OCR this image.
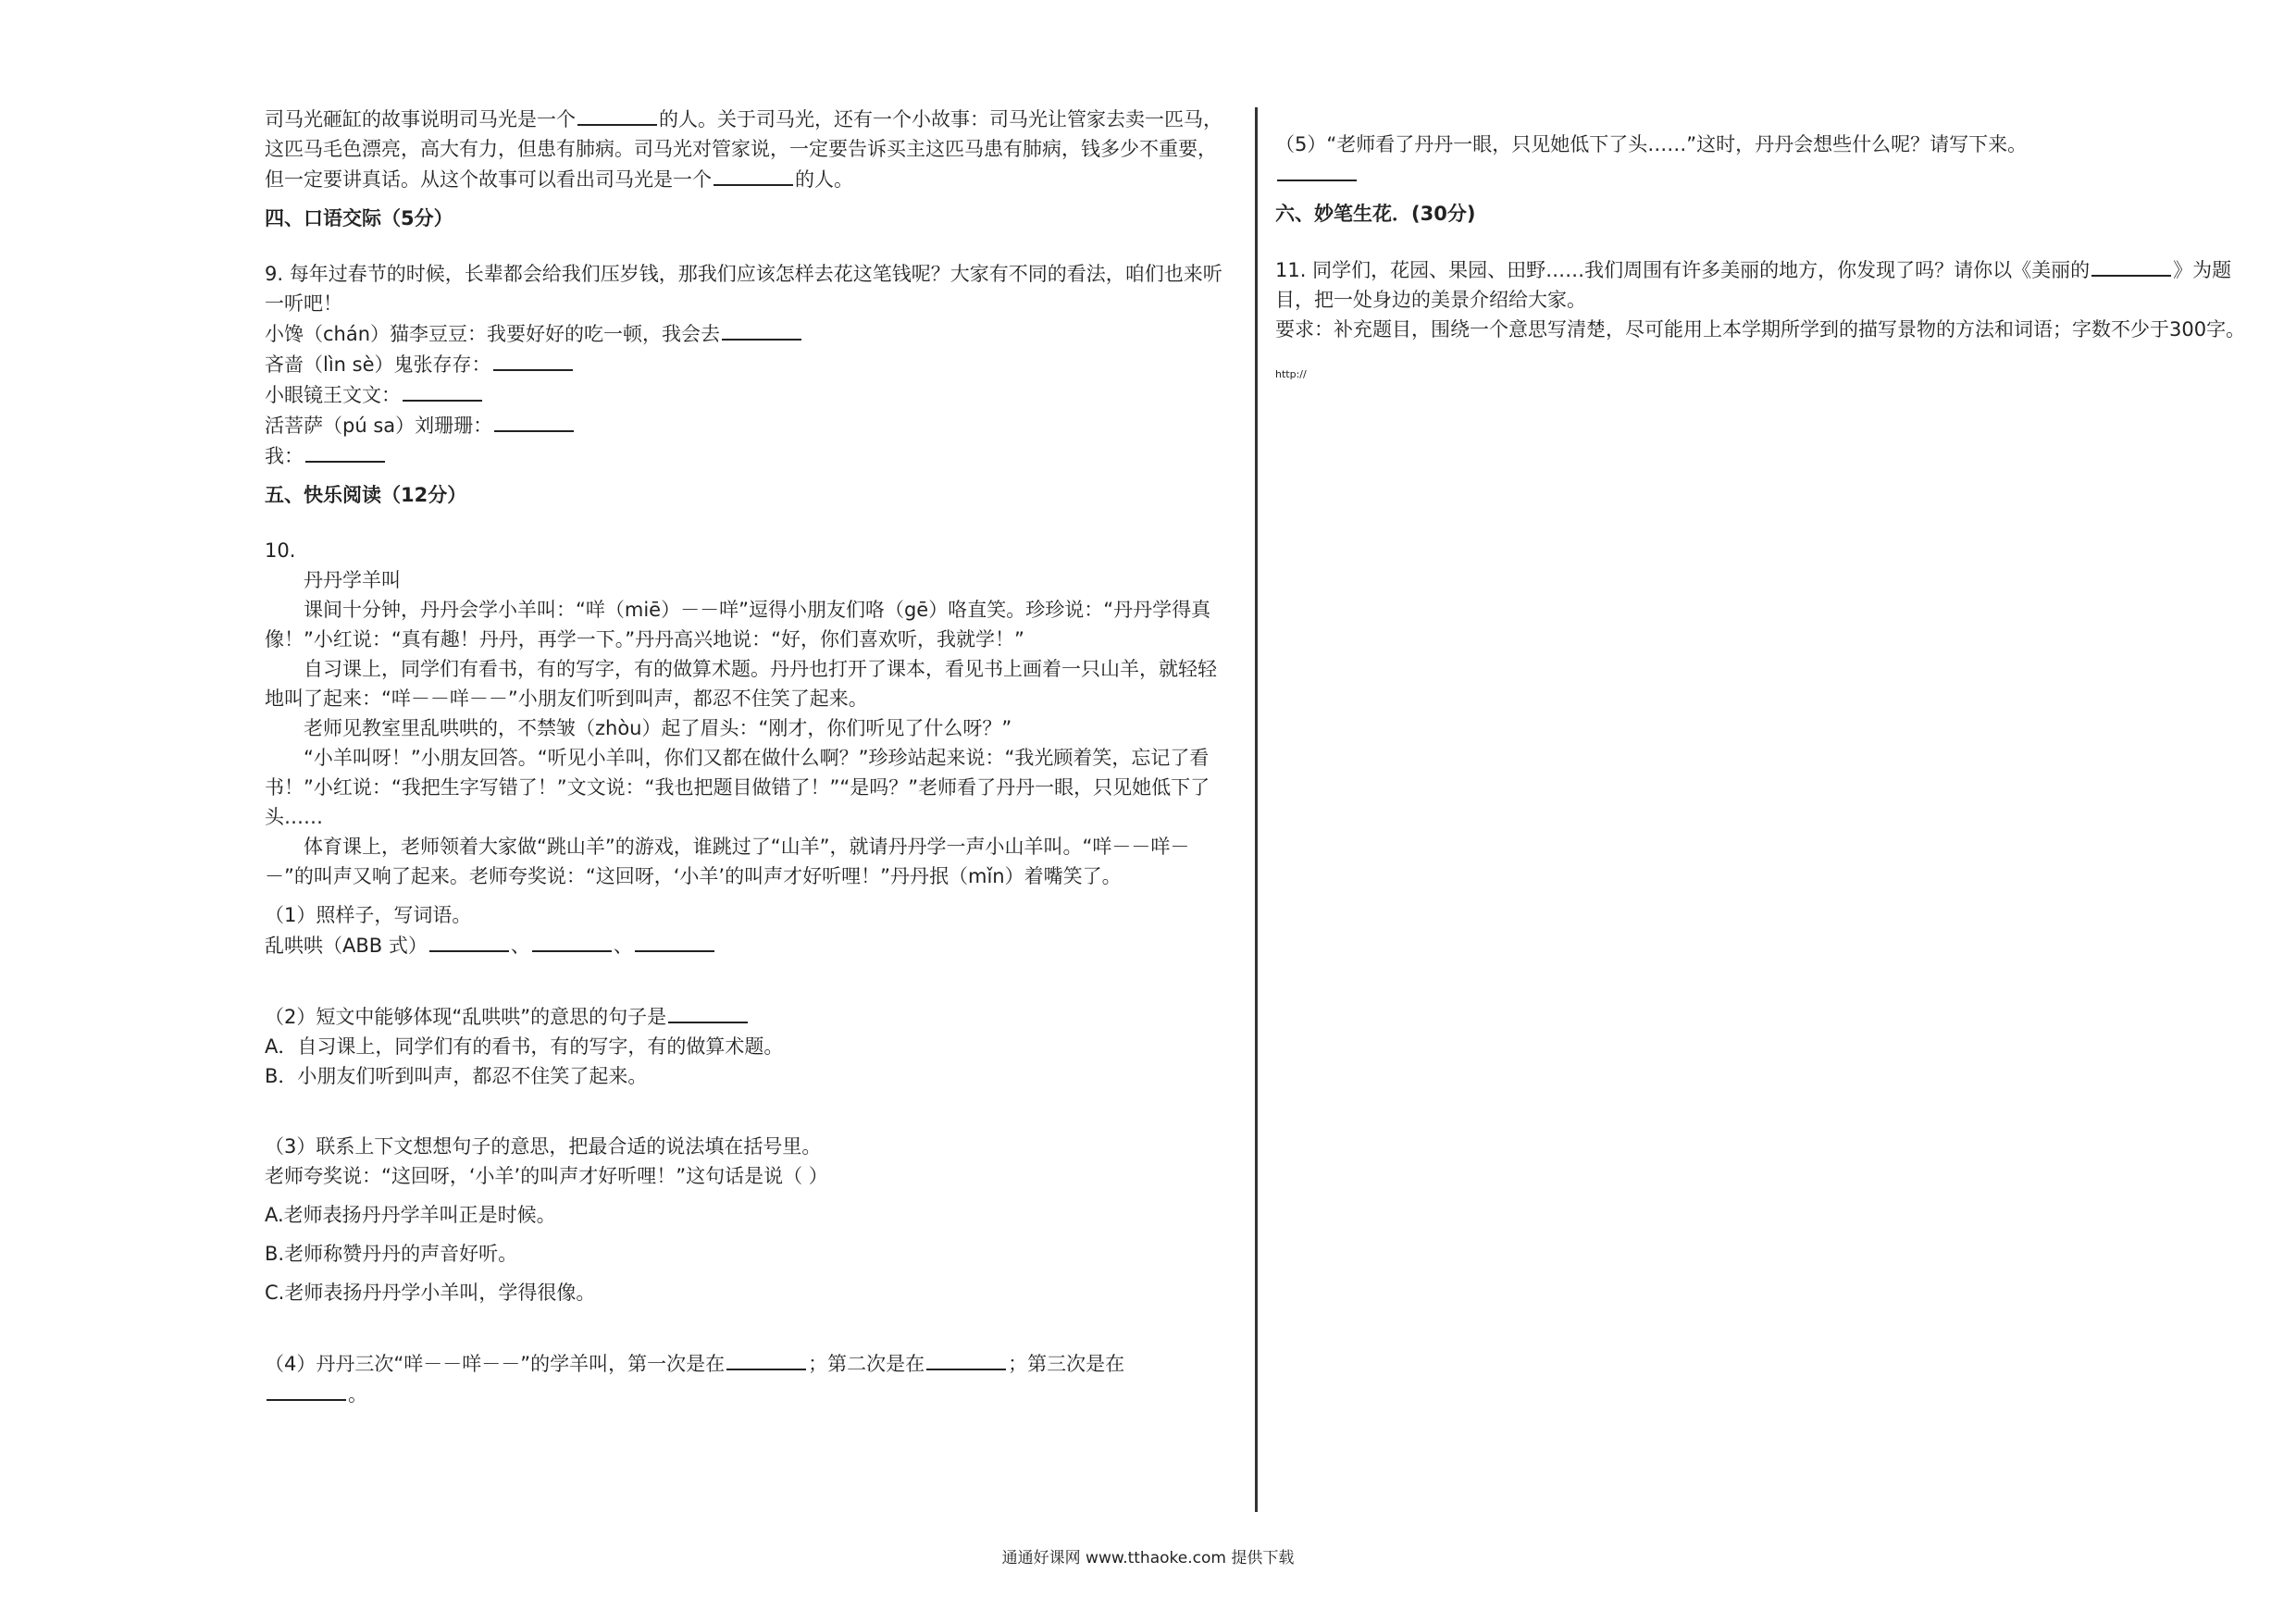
司马光砸缸的故事说明司马光是一个	的人。关于司马光，还有一个小故事：司马光让管家去卖一匹马，这匹马毛色漂亮，高大有力，但患有肺病。司马光对管家说，一定要告诉买主这匹马患有肺病，钱多少不重要，但一定要讲真话。从这个故事可以看出司马光是一个	的人。

四、口语交际（5分）

9. 每年过春节的时候，长辈都会给我们压岁钱，那我们应该怎样去花这笔钱呢？大家有不同的看法，咱们也来听一听吧！

小馋（chán）猫李豆豆：我要好好的吃一顿，我会去

吝啬（lìn sè）鬼张存存：

小眼镜王文文：

活菩萨（pú sa）刘珊珊：

我：

五、快乐阅读（12分）

10.

丹丹学羊叫

课间十分钟，丹丹会学小羊叫：“咩（miē）－－咩”逗得小朋友们咯（gē）咯直笑。珍珍说：“丹丹学得真像！”小红说：“真有趣！丹丹，再学一下。”丹丹高兴地说：“好，你们喜欢听，我就学！”

自习课上，同学们有看书，有的写字，有的做算术题。丹丹也打开了课本，看见书上画着一只山羊，就轻轻地叫了起来：“咩－－咩－－”小朋友们听到叫声，都忍不住笑了起来。

老师见教室里乱哄哄的，不禁皱（zhòu）起了眉头：“刚才，你们听见了什么呀？”

“小羊叫呀！”小朋友回答。“听见小羊叫，你们又都在做什么啊？”珍珍站起来说：“我光顾着笑，忘记了看书！”小红说：“我把生字写错了！”文文说：“我也把题目做错了！”“是吗？”老师看了丹丹一眼，只见她低下了头……

体育课上，老师领着大家做“跳山羊”的游戏，谁跳过了“山羊”，就请丹丹学一声小山羊叫。“咩－－咩－－”的叫声又响了起来。老师夸奖说：“这回呀，‘小羊’的叫声才好听哩！”丹丹抿（mǐn）着嘴笑了。

（1）照样子，写词语。

乱哄哄（ABB 式）	、	、

（2）短文中能够体现“乱哄哄”的意思的句子是

A．自习课上，同学们有的看书，有的写字，有的做算术题。

B．小朋友们听到叫声，都忍不住笑了起来。

（3）联系上下文想想句子的意思，把最合适的说法填在括号里。

老师夸奖说：“这回呀，‘小羊’的叫声才好听哩！”这句话是说（ ）

A.老师表扬丹丹学羊叫正是时候。

B.老师称赞丹丹的声音好听。

C.老师表扬丹丹学小羊叫，学得很像。

（4）丹丹三次“咩－－咩－－”的学羊叫，第一次是在	；第二次是在	；第三次是在

。

（5）“老师看了丹丹一眼，只见她低下了头……”这时，丹丹会想些什么呢？请写下来。

六、妙笔生花．(30分)

11. 同学们，花园、果园、田野……我们周围有许多美丽的地方，你发现了吗？请你以《美丽的	》为题目，把一处身边的美景介绍给大家。

要求：补充题目，围绕一个意思写清楚，尽可能用上本学期所学到的描写景物的方法和词语；字数不少于300字。

http://

通通好课网 www.tthaoke.com 提供下载
